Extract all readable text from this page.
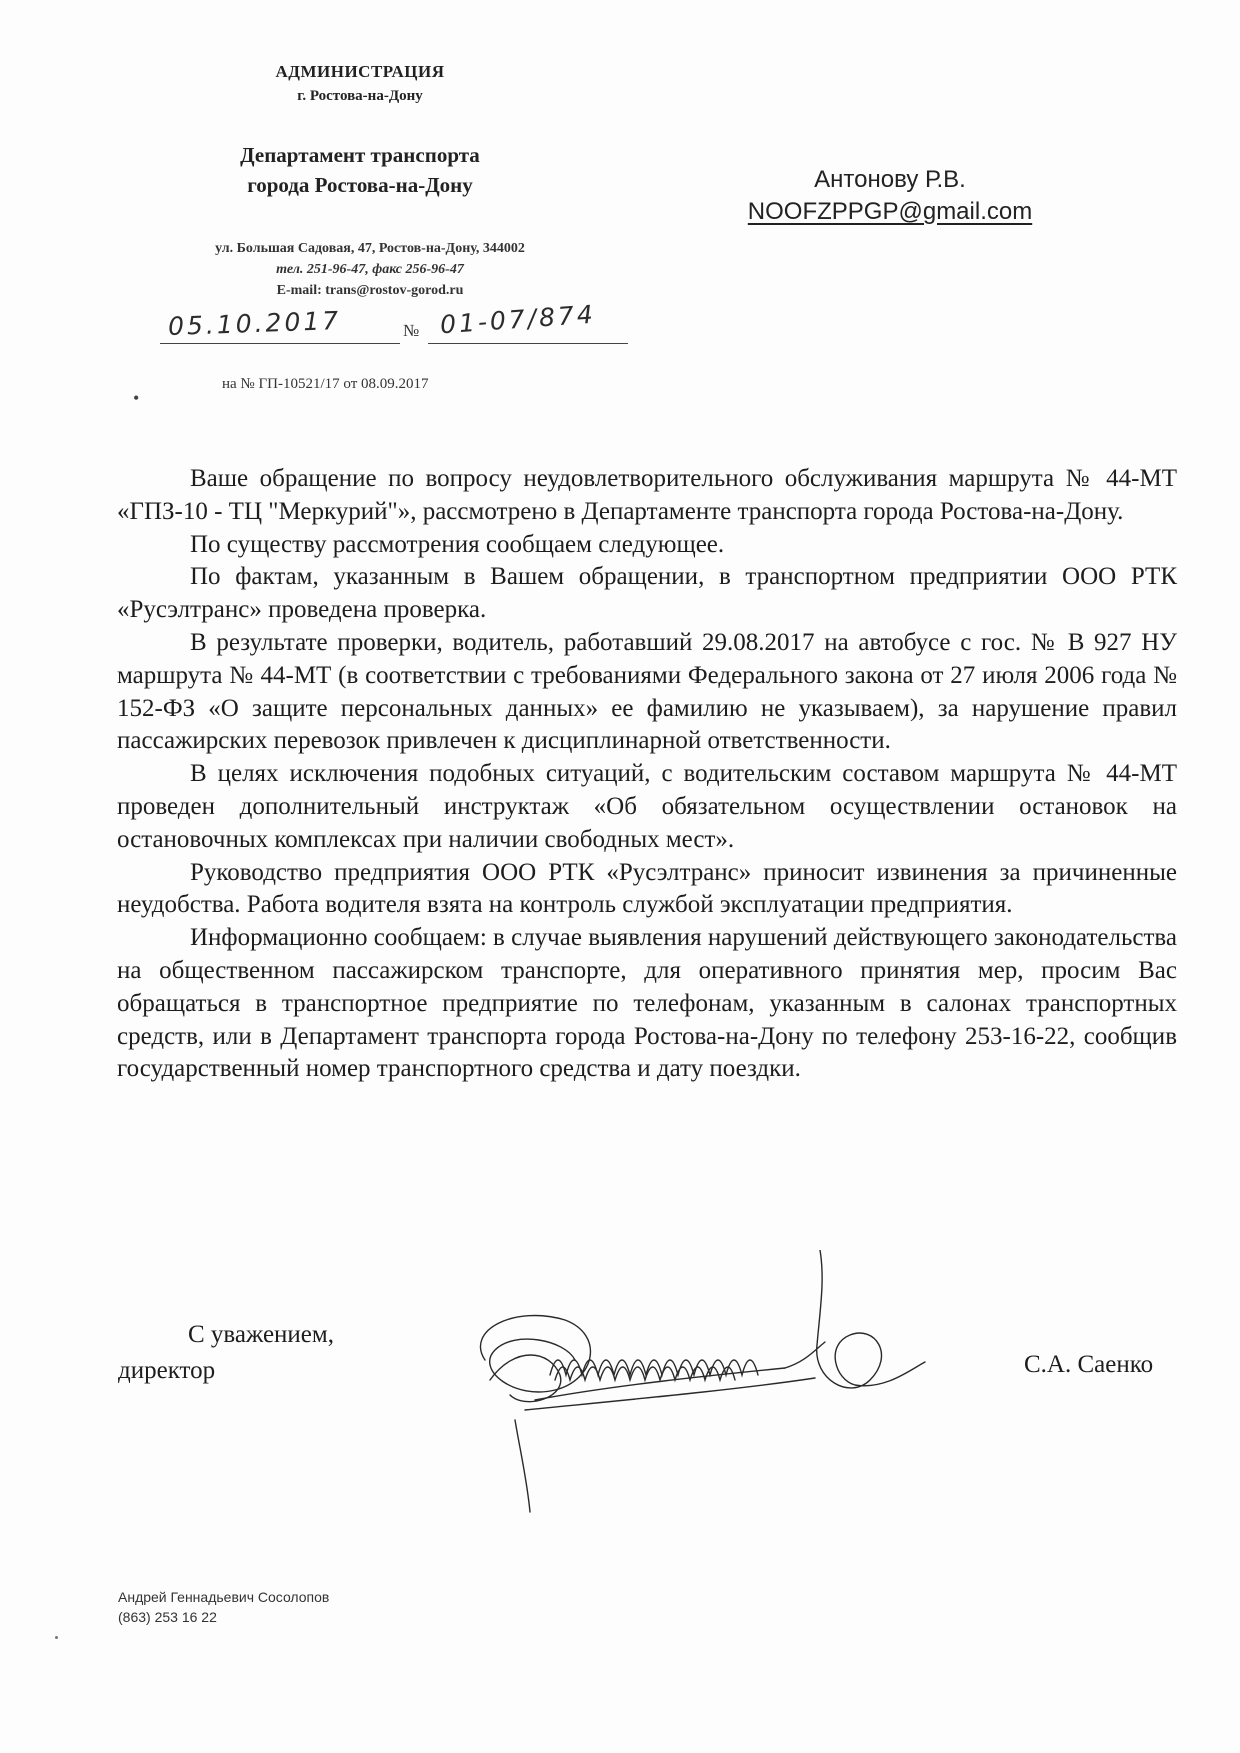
АДМИНИСТРАЦИЯ
г. Ростова-на-Дону
Департамент транспорта
города Ростова-на-Дону
ул. Большая Садовая, 47, Ростов-на-Дону, 344002
тел. 251-96-47, факс 256-96-47
E-mail: trans@rostov-gorod.ru
05.10.2017	№ 01-07/874
•
на № ГП-10521/17 от 08.09.2017
Антонову Р.В.
NOOFZPPGP@gmail.com

Ваше обращение по вопросу неудовлетворительного обслуживания маршрута № 44-МТ «ГПЗ-10 - ТЦ "Меркурий"», рассмотрено в Департаменте транспорта города Ростова-на-Дону.

По существу рассмотрения сообщаем следующее.

По фактам, указанным в Вашем обращении, в транспортном предприятии ООО РТК «Русэлтранс» проведена проверка.

В результате проверки, водитель, работавший 29.08.2017 на автобусе с гос. № В 927 НУ маршрута № 44-МТ (в соответствии с требованиями Федерального закона от 27 июля 2006 года № 152-ФЗ «О защите персональных данных» ее фамилию не указываем), за нарушение правил пассажирских перевозок привлечен к дисциплинарной ответственности.

В целях исключения подобных ситуаций, с водительским составом маршрута № 44-МТ проведен дополнительный инструктаж «Об обязательном осуществлении остановок на остановочных комплексах при наличии свободных мест».

Руководство предприятия ООО РТК «Русэлтранс» приносит извинения за причиненные неудобства. Работа водителя взята на контроль службой эксплуатации предприятия.

Информационно сообщаем: в случае выявления нарушений действующего законодательства на общественном пассажирском транспорте, для оперативного принятия мер, просим Вас обращаться в транспортное предприятие по телефонам, указанным в салонах транспортных средств, или в Департамент транспорта города Ростова-на-Дону по телефону 253-16-22, сообщив государственный номер транспортного средства и дату поездки.

С уважением,
директор	С.А. Саенко
Андрей Геннадьевич Сосолопов
(863) 253 16 22
